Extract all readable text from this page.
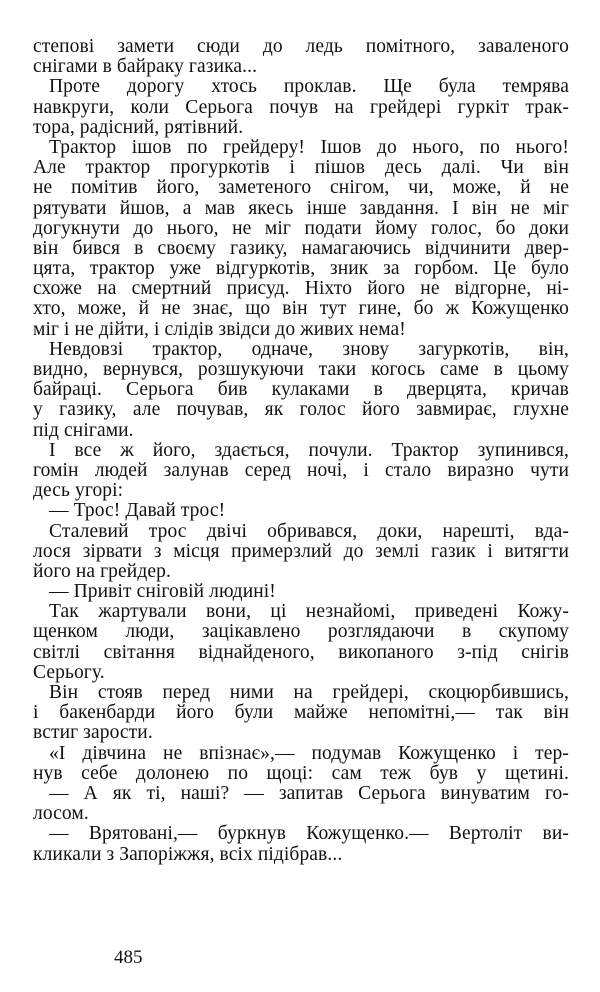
степові замети сюди до ледь помітного, заваленого
снігами в байраку газика...
Проте дорогу хтось проклав. Ще була темрява
навкруги, коли Серьога почув на грейдері гуркіт трак-
тора, радісний, рятівний.
Трактор ішов по грейдеру! Ішов до нього, по нього!
Але трактор прогуркотів і пішов десь далі. Чи він
не помітив його, заметеного снігом, чи, може, й не
рятувати йшов, а мав якесь інше завдання. І він не міг
догукнути до нього, не міг подати йому голос, бо доки
він бився в своєму газику, намагаючись відчинити двер-
цята, трактор уже відгуркотів, зник за горбом. Це було
схоже на смертний присуд. Ніхто його не відгорне, ні-
хто, може, й не знає, що він тут гине, бо ж Кожущенко
міг і не дійти, і слідів звідси до живих нема!
Невдовзі трактор, одначе, знову загуркотів, він,
видно, вернувся, розшукуючи таки когось саме в цьому
байраці. Серьога бив кулаками в дверцята, кричав
у газику, але почував, як голос його завмирає, глухне
під снігами.
І все ж його, здається, почули. Трактор зупинився,
гомін людей залунав серед ночі, і стало виразно чути
десь угорі:
— Трос! Давай трос!
Сталевий трос двічі обривався, доки, нарешті, вда-
лося зірвати з місця примерзлий до землі газик і витягти
його на грейдер.
— Привіт сніговій людині!
Так жартували вони, ці незнайомі, приведені Кожу-
щенком люди, зацікавлено розглядаючи в скупому
світлі світання віднайденого, викопаного з-під снігів
Серьогу.
Він стояв перед ними на грейдері, скоцюрбившись,
і бакенбарди його були майже непомітні,— так він
встиг зарости.
«І дівчина не впізнає»,— подумав Кожущенко і тер-
нув себе долонею по щоці: сам теж був у щетині.
— А як ті, наші? — запитав Серьога винуватим го-
лосом.
— Врятовані,— буркнув Кожущенко.— Вертоліт ви-
кликали з Запоріжжя, всіх підібрав...
485
